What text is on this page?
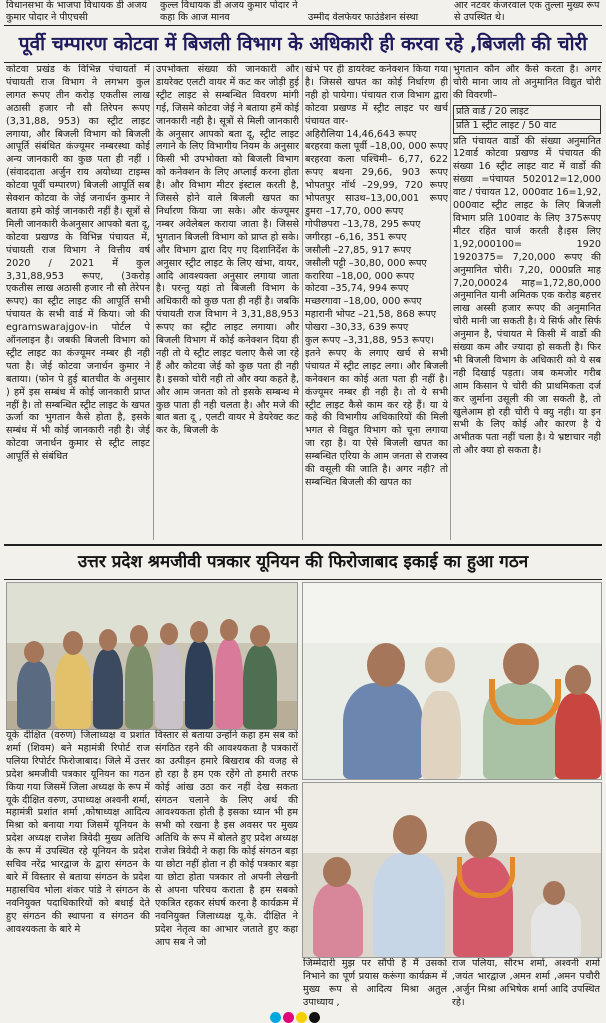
विधानसभा के भाजपा विधायक डी अजय कुमार पोदार ने पीएचसी
कुल्ल विधायक डी अजय कुमार पोदार ने कहा कि आज मानव	उम्मीद वेलफेयर फाउंडेशन संस्था
आर नटवर कंजरवाल एक तुल्ला मुख्य रूप से उपस्थित थे।
पूर्वी चम्पारण कोटवा में बिजली विभाग के अधिकारी ही करवा रहे ,बिजली की चोरी

कोटवा प्रखंड के विभिन्न पंचायतों में पंचायती राज विभाग ने लगभग कुल लागत रूपए तीन करोड़ एकतीस लाख अठासी हजार नौ सौ तिरेपन रूपए (3,31,88, 953) का स्ट्रीट लाइट लगाया, और बिजली विभाग को बिजली आपूर्ति संबंधित कंज्यूमर नम्बरस्था कोई अन्य जानकारी का कुछ पता ही नहीं । (संवाददाता अर्जुन राय अयोध्या टाइम्स कोटवा पूर्वी चम्पारण) बिजली आपूर्ति सब सेक्शन कोटवा के जेई जनार्धन कुमार ने बताया हमे कोई जानकारी नहीं है। सूत्रों से मिली जानकारी केअनुसार आपको बता दू, कोटवा प्रखण्ड के विभिन्न पंचायत में, पंचायती राज विभाग ने वित्तीय वर्ष 2020 / 2021 में कुल 3,31,88,953 रूपए, (3करोड़ एकतीस लाख अठासी हजार नौ सौ तेरेपन रूपए) का स्ट्रीट लाइट की आपूर्ति सभी पंचायत के सभी वार्ड में किया। जो की egramswarajgov-in पोर्टल पे ऑनलाइन है। जबकी बिजली विभाग को स्ट्रीट लाइट का कंज्यूमर नम्बर ही नही पता है। जेई कोटवा जनार्धन कुमार ने बताया। (फोन पे हुई बातचीत के अनुसार ) हमें इस सम्बंध में कोई जानकारी प्राप्त नहीं है। तो सम्बन्धित स्ट्रीट लाइट के खपत ऊर्जा का भुगतान कैसे होता है, इसके सम्बंध में भी कोई जानकारी नही है। जेई कोटवा जनार्धन कुमार से स्ट्रीट लाइट आपूर्ति से संबंधित

उपभोक्ता संख्या की जानकारी और डायरेक्ट एलटी वायर में कट कर जोड़ी हुई स्ट्रीट लाइट से सम्बन्धित विवरण मांगी गई, जिसमे कोटवा जेई ने बताया हमें कोई जानकारी नही है। सूत्रों से मिली जानकारी के अनुसार आपको बता दू, स्ट्रीट लाइट लगाने के लिए विभागीय नियम के अनुसार किसी भी उपभोक्ता को बिजली विभाग को कनेक्शन के लिए अप्लाई करना होता है। और विभाग मीटर इंस्टाल करती है, जिससे होने वाले बिजली खपत का निर्धारण किया जा सके। और कंज्यूमर नम्बर अवेलेबल कराया जाता है। जिससे भुगतान बिजली विभाग को प्राप्त हो सके। और विभाग द्वारा दिए गए दिशानिर्देश के अनुसार स्ट्रीट लाइट के लिए खंभा, वायर, आदि आवश्यक्ता अनुसार लगाया जाता है। परन्तु यहां तो बिजली विभाग के अधिकारी को कुछ पता ही नहीं है। जबकि पंचायती राज विभाग ने 3,31,88,953 रूपए का स्ट्रीट लाइट लगाया। और बिजली विभाग में कोई कनेक्शन दिया ही नही तो ये स्ट्रीट लाइट चलाए कैसे जा रहे हैं और कोटवा जेई को कुछ पता ही नही है। इसको चोरी नही तो और क्या कहते है, और आम जनता को तो इसके सम्बन्ध मे कुछ पाता ही नही चलता है। और मजे की बात बता दू , एलटी वायर मे डेयरेक्ट कट कर के, बिजली के

खंभे पर ही डायरेक्ट कनेक्शन किया गया है। जिससे खपत का कोई निर्धारण ही नही हो पायेगा। पंचायत राज विभाग द्वारा कोटवा प्रखण्ड में स्ट्रीट लाइट पर खर्च पंचायत वार-

अहिरौलिया 14,46,643 रूपए

बरहरवा कला पूर्वी –18,00, 000 रूपए बरहरवा कला पश्चिमी– 6,77, 622 रूपए बथना 29,66, 903 रूपए भोपतपुर नॉर्थ –29,99, 720 रूपए भोपतपुर साउथ–13,00,001 रूपए डुमरा –17,70, 000 रूपए

गोपीछपरा –13,78, 295 रूपए

जगीरहा –6,16, 351 रूपए

जसौली –27,85, 917 रूपए

जसौली पट्टी –30,80, 000 रूपए

करारिया –18,00, 000 रूपए

कोटवा –35,74, 994 रूपए

मच्छरगावा –18,00, 000 रूपए

महारानी भोपट –21,58, 868 रूपए

पोखरा –30,33, 639 रूपए

कुल रूपए –3,31,88, 953 रूपए।

इतने रूपए के लगाए खर्च से सभी पंचायत में स्ट्रीट लाइट लगा। और बिजली कनेक्शन का कोई अता पता ही नहीं है। कंज्यूमर नम्बर ही नही है। तो ये सभी स्ट्रीट लाइट कैसे काम कर रहे हैं। या ये कहे की विभागीय अधिकारियों की मिली भगत से विद्युत विभाग को चूना लगाया जा रहा है। या ऐसे बिजली खपत का सम्बन्धित एरिया के आम जनता से राजस्व की वसूली की जाति है। अगर नही? तो सम्बन्धित बिजली की खपत का

भुगतान कौन और कैसे करता है। अगर चोरी माना जाय तो अनुमानित विद्युत चोरी की विवरणी–

प्रति वार्ड / 20 लाइट
प्रति 1 स्ट्रीट लाइट / 50 वाट

प्रति पंचायत वार्डो की संख्या अनुमानित 12वार्ड कोटवा प्रखण्ड में पंचायत की संख्या 16 स्ट्रीट लाइट वाट में वार्डो की संख्या =पंचायत 502012=12,000 वाट / पंचायत 12, 000वाट 16=1,92, 000वाट स्ट्रीट लाइट के लिए बिजली विभाग प्रति 100वाट के लिए 375रूपए मीटर रहित चार्ज करती है।इस लिए 1,92,000100= 1920 1920375= 7,20,000 रूपए की अनुमानित चोरी। 7,20, 000प्रति माह 7,20,00024 माह=1,72,80,000 अनुमानित यानी अमितक एक करोड़ बहत्तर लाख अस्सी हजार रूपए की अनुमानित चोरी मानी जा सकती है। ये सिर्फ और सिर्फ अनुमान है, पंचायत मे किसी में वार्डो की संख्या कम और ज्यादा हो सकती है। फिर भी बिजली विभाग के अधिकारी को ये सब नही दिखाई पड़ता। जब कमजोर गरीब आम किसान पे चोरी की प्राथमिकता दर्ज कर जुर्माना उसूली की जा सकती है, तो खुलेआम हो रही चोरी पे क्यु नही। या इन सभी के लिए कोई और कारण है ये अभीतक पता नहीं चला है। ये भ्रष्टाचार नही तो और क्या हो सकता है।

उत्तर प्रदेश श्रमजीवी पत्रकार यूनियन की फिरोजाबाद इकाई का हुआ गठन

यूके दीक्षित (वरुण) जिलाध्यक्ष व प्रशांत शर्मा (शिवम) बने महामंत्री रिपोर्ट राज पलिया रिपोर्टर फिरोजाबाद। जिले में उत्तर प्रदेश श्रमजीवी पत्रकार यूनियन का गठन किया गया जिसमें जिला अध्यक्ष के रूप में यूके दीक्षित वरुण, उपाध्यक्ष अश्वनी शर्मा, महामंत्री प्रशांत शर्मा ,कोषाध्यक्ष आदित्य मिश्रा को बनाया गया जिसमें यूनियन के प्रदेश अध्यक्ष राजेश त्रिवेदी मुख्य अतिथि के रूप में उपस्थित रहे यूनियन के प्रदेश सचिव नरेंद्र भारद्वाज के द्वारा संगठन के बारे में विस्तार से बताया संगठन के प्रदेश महासचिव भोला शंकर पांडे ने संगठन के नवनियुक्त पदाधिकारियों को बधाई देते हुए संगठन की स्थापना व संगठन की आवश्यकता के बारे मे

विस्तार से बताया उन्होंने कहा हम सब को संगठित रहने की आवश्यकता है पत्रकारों का उत्पीड़न हमारे बिखराब की वजह से हो रहा है हम एक रहेंगे तो हमारी तरफ कोई आंख उठा कर नहीं देख सकता संगठन चलाने के लिए अर्थ की आवश्यकता होती है इसका ध्यान भी हम सभी को रखना है इस अवसर पर मुख्य अतिथि के रूप में बोलते हुए प्रदेश अध्यक्ष राजेश त्रिवेदी ने कहा कि कोई संगठन बड़ा या छोटा नहीं होता न ही कोई पत्रकार बड़ा या छोटा होता पत्रकार तो अपनी लेखनी से अपना परिचय कराता है हम सबको एकत्रित रहकर संघर्ष करना है कार्यक्रम में नवनियुक्त जिलाध्यक्ष यू.के. दीक्षित ने प्रदेश नेतृत्व का आभार जताते हुए कहा आप सब ने जो

जिम्मेदारी मुझ पर सौंपी है मैं उसको निभाने का पूर्ण प्रयास करूंगा कार्यक्रम में मुख्य रूप से आदित्य मिश्रा अतुल उपाध्याय ,

राज पलिया, सौरभ शर्मा, अश्वनी शर्मा ,जयंत भारद्वाज ,अमन शर्मा ,अमन पचौरी ,अर्जुन मिश्रा अभिषेक शर्मा आदि उपस्थित रहे।
